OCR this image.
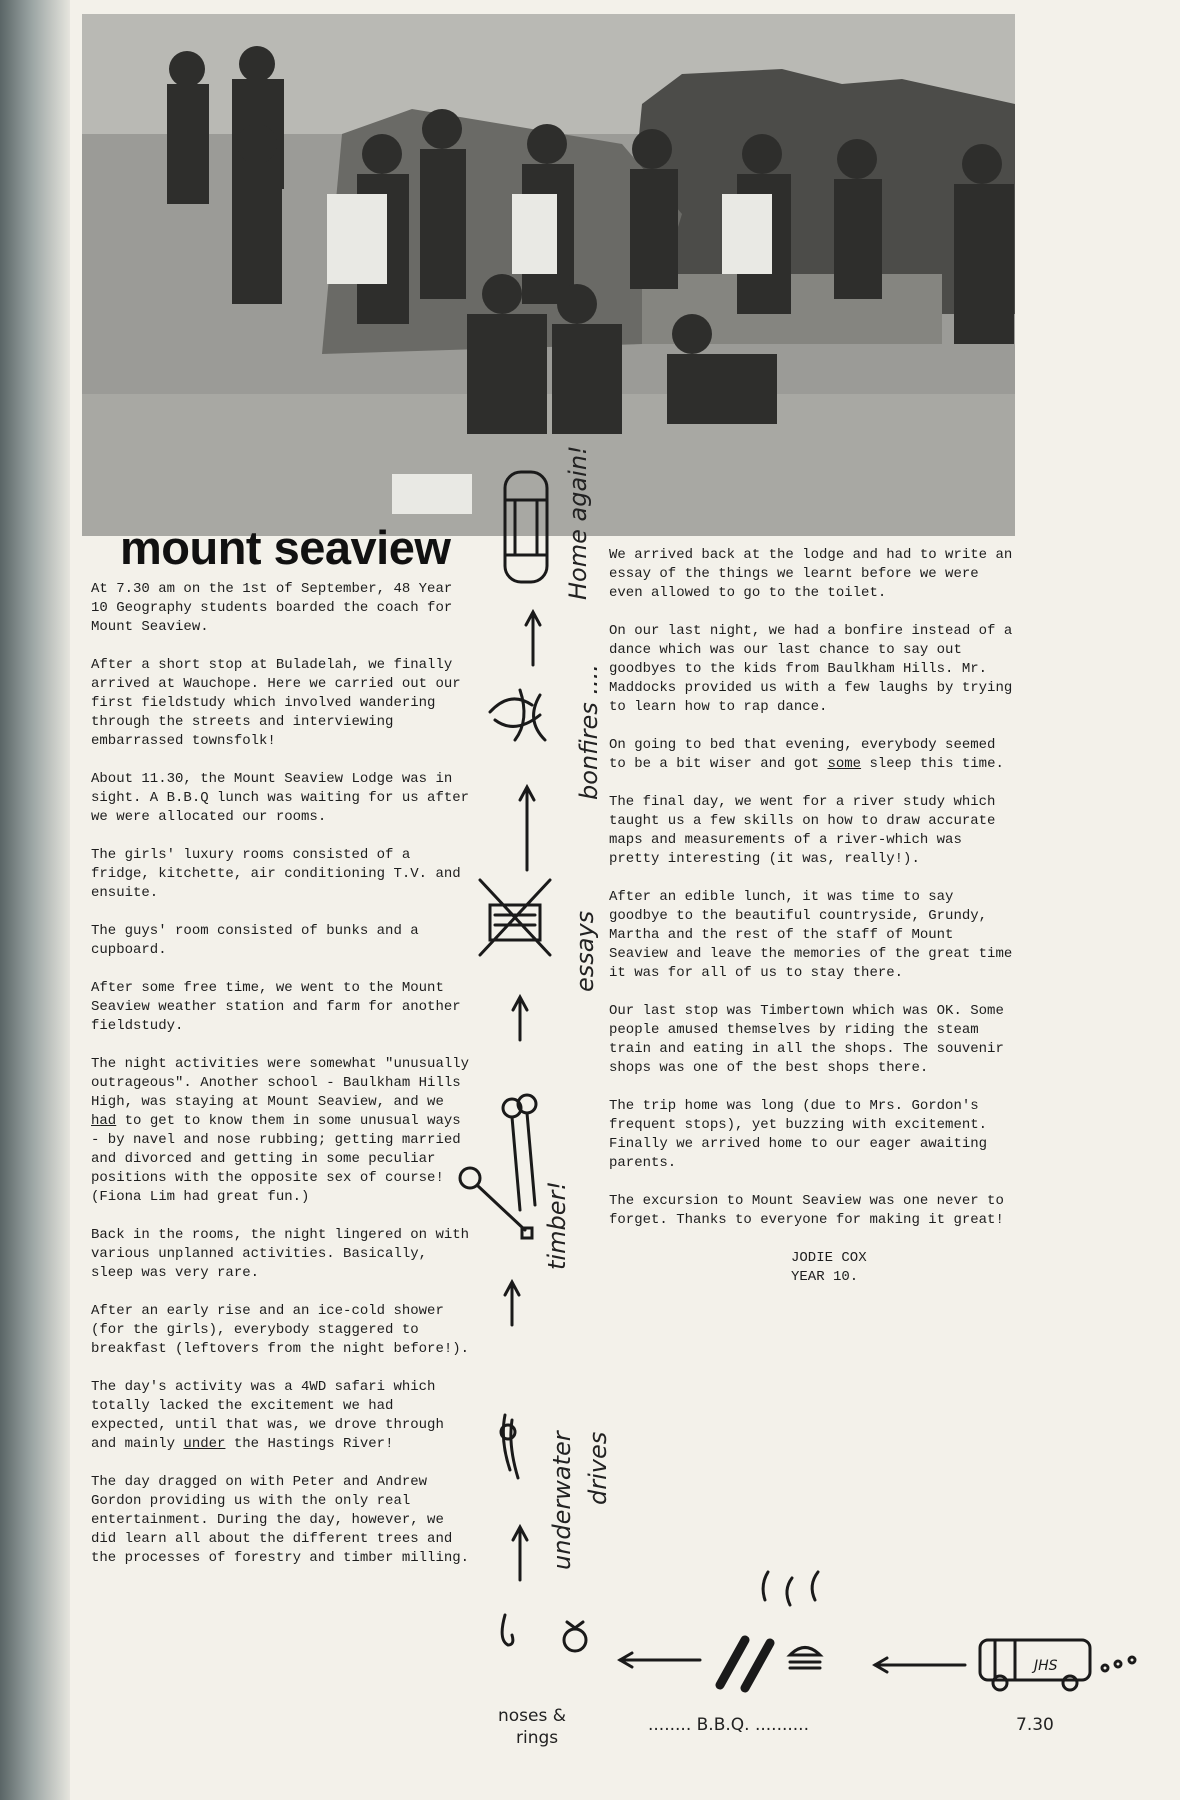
mount seaview

At 7.30 am on the 1st of September, 48 Year 10 Geography students boarded the coach for Mount Seaview.

After a short stop at Buladelah, we finally arrived at Wauchope. Here we carried out our first fieldstudy which involved wandering through the streets and interviewing embarrassed townsfolk!

About 11.30, the Mount Seaview Lodge was in sight. A B.B.Q lunch was waiting for us after we were allocated our rooms.

The girls' luxury rooms consisted of a fridge, kitchette, air conditioning T.V. and ensuite.

The guys' room consisted of bunks and a cupboard.

After some free time, we went to the Mount Seaview weather station and farm for another fieldstudy.

The night activities were somewhat "unusually outrageous". Another school - Baulkham Hills High, was staying at Mount Seaview, and we had to get to know them in some unusual ways - by navel and nose rubbing; getting married and divorced and getting in some peculiar positions with the opposite sex of course! (Fiona Lim had great fun.)

Back in the rooms, the night lingered on with various unplanned activities. Basically, sleep was very rare.

After an early rise and an ice-cold shower (for the girls), everybody staggered to breakfast (leftovers from the night before!).

The day's activity was a 4WD safari which totally lacked the excitement we had expected, until that was, we drove through and mainly under the Hastings River!

The day dragged on with Peter and Andrew Gordon providing us with the only real entertainment. During the day, however, we did learn all about the different trees and the processes of forestry and timber milling.

We arrived back at the lodge and had to write an essay of the things we learnt before we were even allowed to go to the toilet.

On our last night, we had a bonfire instead of a dance which was our last chance to say out goodbyes to the kids from Baulkham Hills. Mr. Maddocks provided us with a few laughs by trying to learn how to rap dance.

On going to bed that evening, everybody seemed to be a bit wiser and got some sleep this time.

The final day, we went for a river study which taught us a few skills on how to draw accurate maps and measurements of a river-which was pretty interesting (it was, really!).

After an edible lunch, it was time to say goodbye to the beautiful countryside, Grundy, Martha and the rest of the staff of Mount Seaview and leave the memories of the great time it was for all of us to stay there.

Our last stop was Timbertown which was OK. Some people amused themselves by riding the steam train and eating in all the shops. The souvenir shops was one of the best shops there.

The trip home was long (due to Mrs. Gordon's frequent stops), yet buzzing with excitement. Finally we arrived home to our eager awaiting parents.

The excursion to Mount Seaview was one never to forget. Thanks to everyone for making it great!

JODIE COX
YEAR 10.
Home again!
bonfires ....
essays
timber!
underwater drives
noses &
rings
........ B.B.Q. ..........	7.30
JHS
